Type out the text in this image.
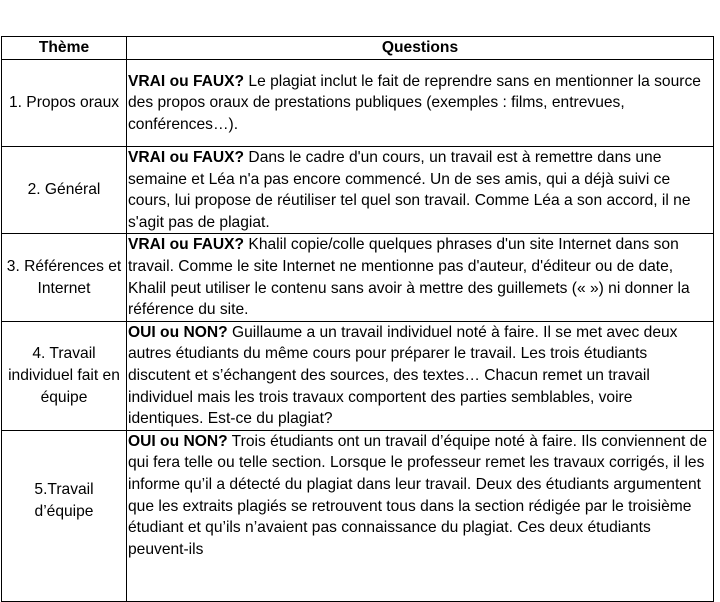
Thème	Questions
1. Propos oraux	VRAI ou FAUX? Le plagiat inclut le fait de reprendre sans en mentionner la source des propos oraux de prestations publiques (exemples : films, entrevues, conférences…).
2. Général	VRAI ou FAUX? Dans le cadre d'un cours, un travail est à remettre dans une semaine et Léa n'a pas encore commencé. Un de ses amis, qui a déjà suivi ce cours, lui propose de réutiliser tel quel son travail. Comme Léa a son accord, il ne s'agit pas de plagiat.
3. Références et Internet	VRAI ou FAUX? Khalil copie/colle quelques phrases d'un site Internet dans son travail. Comme le site Internet ne mentionne pas d'auteur, d'éditeur ou de date, Khalil peut utiliser le contenu sans avoir à mettre des guillemets (« ») ni donner la référence du site.
4. Travail individuel fait en équipe	OUI ou NON? Guillaume a un travail individuel noté à faire. Il se met avec deux autres étudiants du même cours pour préparer le travail. Les trois étudiants discutent et s’échangent des sources, des textes… Chacun remet un travail individuel mais les trois travaux comportent des parties semblables, voire identiques. Est-ce du plagiat?
5.Travail d’équipe	OUI ou NON? Trois étudiants ont un travail d’équipe noté à faire. Ils conviennent de qui fera telle ou telle section. Lorsque le professeur remet les travaux corrigés, il les informe qu’il a détecté du plagiat dans leur travail. Deux des étudiants argumentent que les extraits plagiés se retrouvent tous dans la section rédigée par le troisième étudiant et qu’ils n’avaient pas connaissance du plagiat. Ces deux étudiants peuvent-ils
